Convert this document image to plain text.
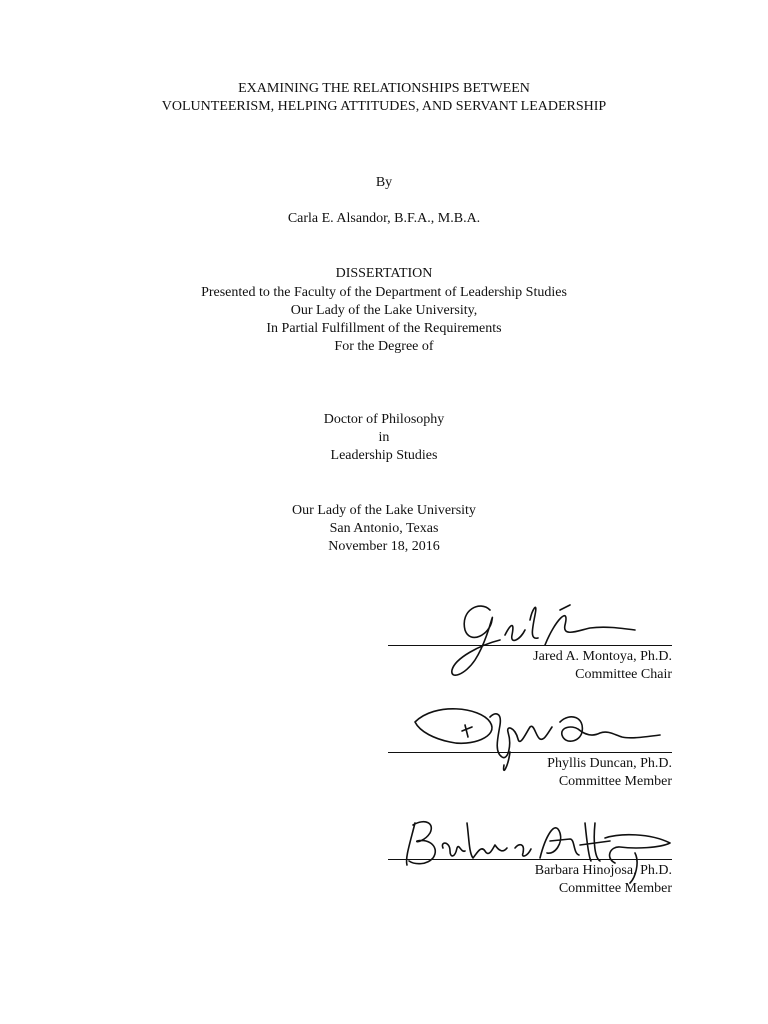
EXAMINING THE RELATIONSHIPS BETWEEN
VOLUNTEERISM, HELPING ATTITUDES, AND SERVANT LEADERSHIP
By
Carla E. Alsandor, B.F.A., M.B.A.
DISSERTATION
Presented to the Faculty of the Department of Leadership Studies
Our Lady of the Lake University,
In Partial Fulfillment of the Requirements
For the Degree of
Doctor of Philosophy
in
Leadership Studies
Our Lady of the Lake University
San Antonio, Texas
November 18, 2016
Jared A. Montoya, Ph.D.
Committee Chair
Phyllis Duncan, Ph.D.
Committee Member
Barbara Hinojosa, Ph.D.
Committee Member
